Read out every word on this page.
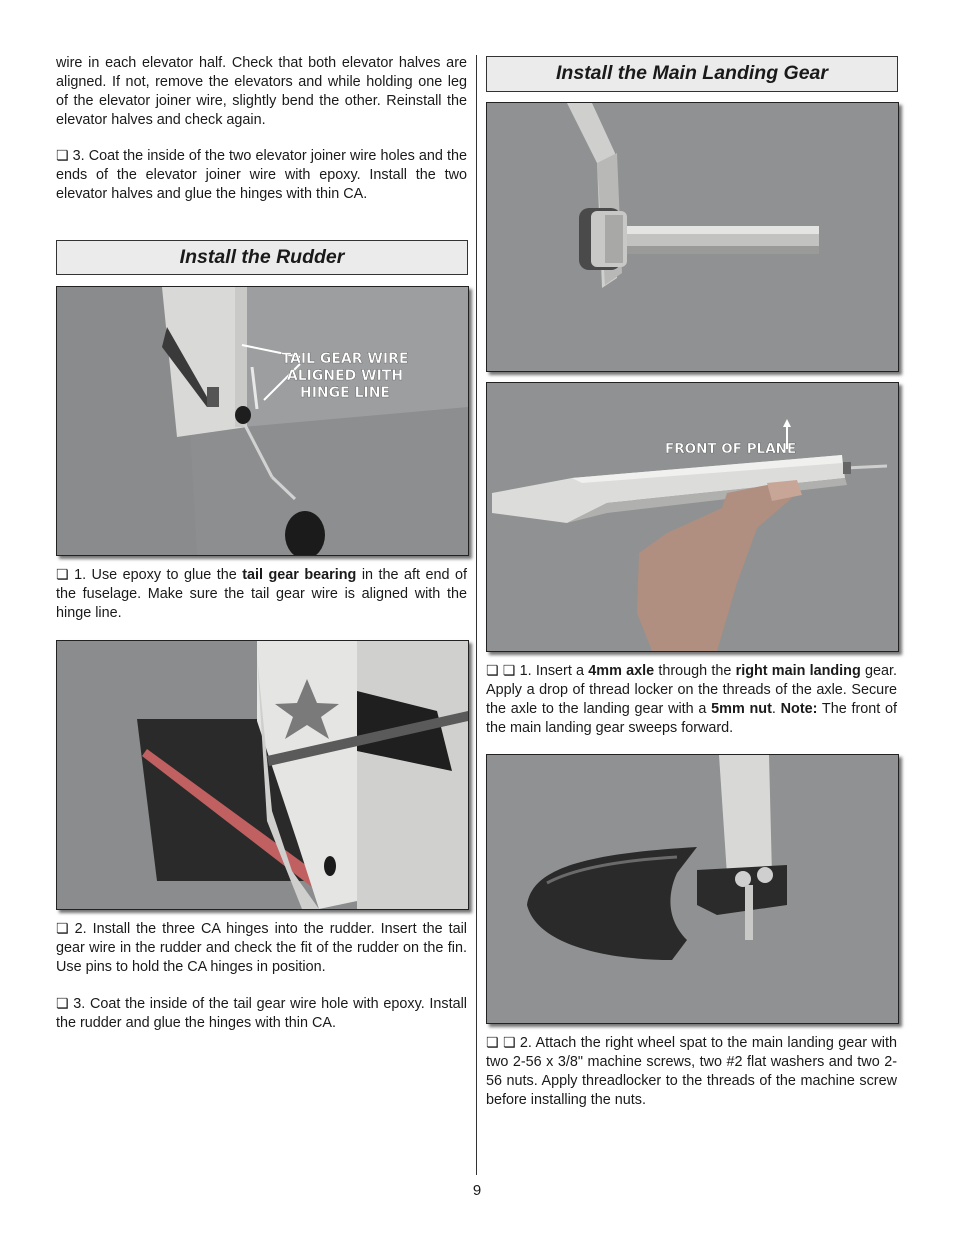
wire in each elevator half. Check that both elevator halves are aligned. If not, remove the elevators and while holding one leg of the elevator joiner wire, slightly bend the other. Reinstall the elevator halves and check again.

❏ 3. Coat the inside of the two elevator joiner wire holes and the ends of the elevator joiner wire with epoxy. Install the two elevator halves and glue the hinges with thin CA.

Install the Rudder
TAIL GEAR WIRE
ALIGNED WITH
HINGE LINE

❏ 1. Use epoxy to glue the tail gear bearing in the aft end of the fuselage. Make sure the tail gear wire is aligned with the hinge line.

❏ 2. Install the three CA hinges into the rudder. Insert the tail gear wire in the rudder and check the fit of the rudder on the fin. Use pins to hold the CA hinges in position.

❏ 3. Coat the inside of the tail gear wire hole with epoxy. Install the rudder and glue the hinges with thin CA.

Install the Main Landing Gear
FRONT OF PLANE

❏ ❏ 1. Insert a 4mm axle through the right main landing gear. Apply a drop of thread locker on the threads of the axle. Secure the axle to the landing gear with a 5mm nut. Note: The front of the main landing gear sweeps forward.

❏ ❏ 2. Attach the right wheel spat to the main landing gear with two 2-56 x 3/8" machine screws, two #2 flat washers and two 2-56 nuts. Apply threadlocker to the threads of the machine screw before installing the nuts.

9
